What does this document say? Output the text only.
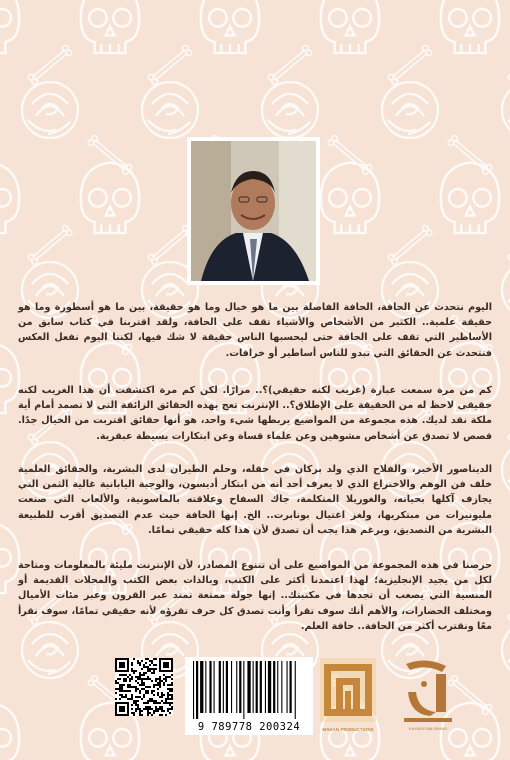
اليوم نتحدث عن الحافة، الحافة الفاصلة بين ما هو خيال وما هو حقيقة، بين ما هو أسطورة وما هو حقيقة علمية.. الكثير من الأشخاص والأشياء تقف على الحافة، ولقد اقتربنا في كتاب سابق من الأساطير التي تقف على الحافة حتى ليحسبها الناس حقيقة لا شك فيها، لكننا اليوم نفعل العكس فنتحدث عن الحقائق التي تبدو للناس أساطير أو خرافات.
كم من مرة سمعت عبارة (غريب لكنه حقيقي)؟.. مرارًا. لكن كم مرة اكتشفت أن هذا الغريب لكنه حقيقي لاحظ له من الحقيقة على الإطلاق؟.. الإنترنت تعج بهذه الحقائق الزائفة التي لا تصمد أمام أية ملكة نقد لديك. هذه مجموعة من المواضيع يربطها شيء واحد، هو أنها حقائق اقتربت من الخيال جدًا. قصص لا تصدق عن أشخاص مشوهين وعن علماء قساة وعن ابتكارات بسيطة عبقرية.
الديناصور الأخير، والفلاح الذي ولد بركان في حقله، وحلم الطيران لدى البشرية، والحقائق العلمية خلف فن الوهم والاختراع الذي لا يعرف أحد أنه من ابتكار أديسون، والوجبة اليابانية غالية الثمن التي يجازف آكلها بحياته، والغوريلا المتكلمة، جاك السفاح وعلاقته بالماسونية، والألعاب التي صنعت مليونيرات من مبتكريها، ولغز اغتيال بونابرت.. الخ. إنها الحافة حيث عدم التصديق أقرب للطبيعة البشرية من التصديق، وبرغم هذا يجب أن تصدق لأن هذا كله حقيقي تمامًا.
حرصنا في هذه المجموعة من المواضيع على أن تتنوع المصادر، لأن الإنترنت مليئة بالمعلومات ومتاحة لكل من يجيد الإنجليزية؛ لهذا اعتمدنا أكثر على الكتب، وبالذات بعض الكتب والمجلات القديمة أو المنسية التي يصعب أن تجدها في مكتبتك.. إنها جولة ممتعة تمتد عبر القرون وعبر مئات الأميال ومختلف الحضارات، والأهم أنك سوف تقرأ وأنت تصدق كل حرف تقرؤه لأنه حقيقي تمامًا، سوف نقرأ معًا ونقترب أكثر من الحافة.. حافة العلم.
9 789778 200324	MAKAN PRODUCTIONS	KAYAN PUBLISHING
